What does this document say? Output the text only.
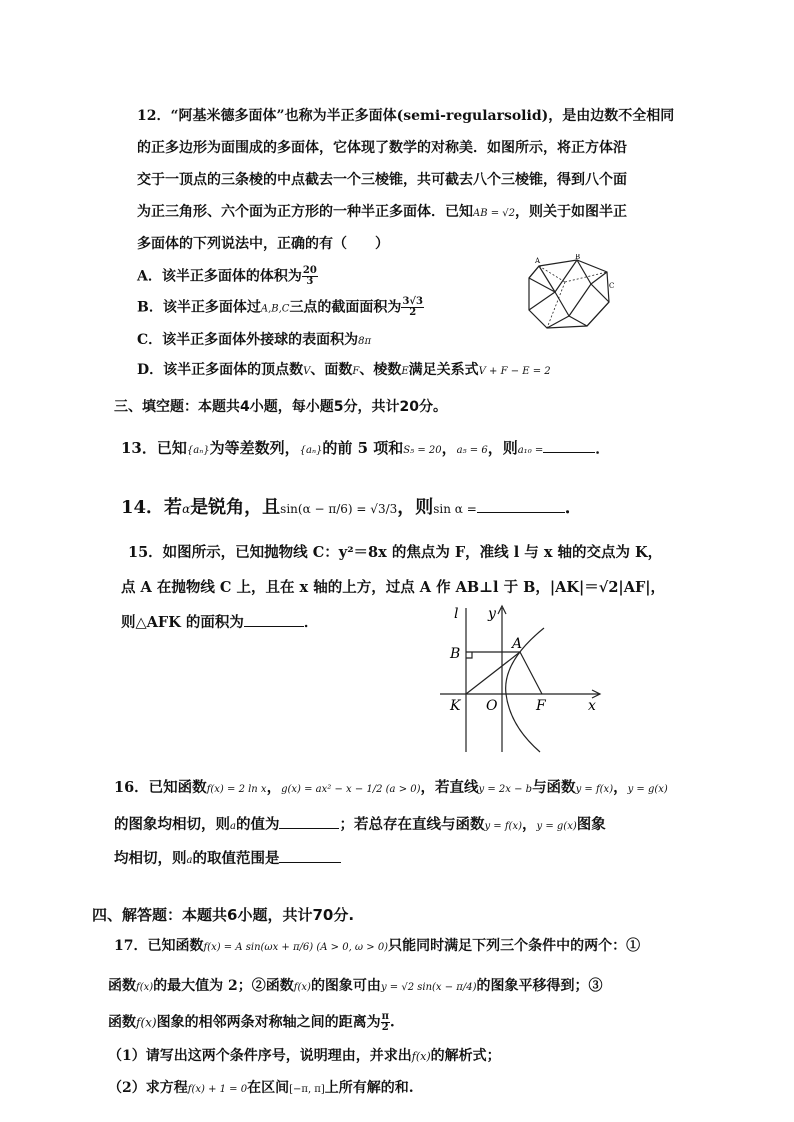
12．“阿基米德多面体”也称为半正多面体(semi-regularsolid)，是由边数不全相同
的正多边形为面围成的多面体，它体现了数学的对称美．如图所示，将正方体沿
交于一顶点的三条棱的中点截去一个三棱锥，共可截去八个三棱锥，得到八个面
为正三角形、六个面为正方形的一种半正多面体．已知AB = √2，则关于如图半正
多面体的下列说法中，正确的有（　　）
A．该半正多面体的体积为 $\frac{20}{3}$
B．该半正多面体过A,B,C三点的截面面积为 $\frac{3√3}{2}$
C．该半正多面体外接球的表面积为8π
D．该半正多面体的顶点数V、面数F、棱数E满足关系式V + F − E = 2
A	B
C
三、填空题：本题共4小题，每小题5分，共计20分。
13．已知{aₙ}为等差数列，{aₙ}的前 5 项和S₅ = 20，a₅ = 6，则a₁₀ =	．
14．若α是锐角，且sin(α − π/6) = √3/3，则sin α =	．
15．如图所示，已知抛物线 C：y²＝8x 的焦点为 F，准线 l 与 x 轴的交点为 K，
点 A 在抛物线 C 上，且在 x 轴的上方，过点 A 作 AB⊥l 于 B，|AK|＝√2|AF|，
则△AFK 的面积为	．	l y
A
B
K O	F	x
16．已知函数f(x) = 2 ln x，g(x) = ax² − x − 1/2 (a > 0)，若直线y = 2x − b与函数y = f(x)，y = g(x)
的图象均相切，则a的值为	；若总存在直线与函数y = f(x)，y = g(x)图象
均相切，则a的取值范围是
四、解答题：本题共6小题，共计70分.
17．已知函数f(x) = A sin(ωx + π/6) (A > 0, ω > 0)只能同时满足下列三个条件中的两个：①
函数f(x)的最大值为 2；②函数f(x)的图象可由y = √2 sin(x − π/4)的图象平移得到；③
函数f(x)图象的相邻两条对称轴之间的距离为 $\frac{\pi}{2}$ .
（1）请写出这两个条件序号，说明理由，并求出f(x)的解析式；
（2）求方程f(x) + 1 = 0在区间[−π, π]上所有解的和.
